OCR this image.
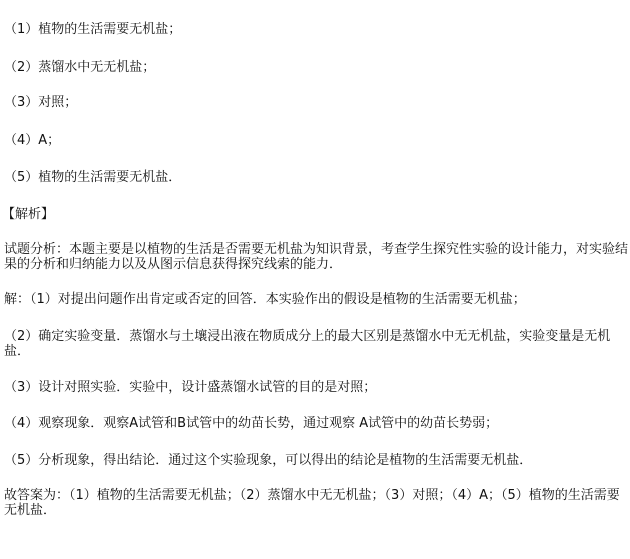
（1）植物的生活需要无机盐；
（2）蒸馏水中无无机盐；
（3）对照；
（4）A；
（5）植物的生活需要无机盐．
【解析】
试题分析：本题主要是以植物的生活是否需要无机盐为知识背景，考查学生探究性实验的设计能力，对实验结果的分析和归纳能力以及从图示信息获得探究线索的能力．
解：（1）对提出问题作出肯定或否定的回答．本实验作出的假设是植物的生活需要无机盐；
（2）确定实验变量．蒸馏水与土壤浸出液在物质成分上的最大区别是蒸馏水中无无机盐，实验变量是无机盐．
（3）设计对照实验．实验中，设计盛蒸馏水试管的目的是对照；
（4）观察现象．观察A试管和B试管中的幼苗长势，通过观察 A试管中的幼苗长势弱；
（5）分析现象，得出结论．通过这个实验现象，可以得出的结论是植物的生活需要无机盐．
故答案为：（1）植物的生活需要无机盐；（2）蒸馏水中无无机盐；（3）对照；（4）A；（5）植物的生活需要无机盐．
